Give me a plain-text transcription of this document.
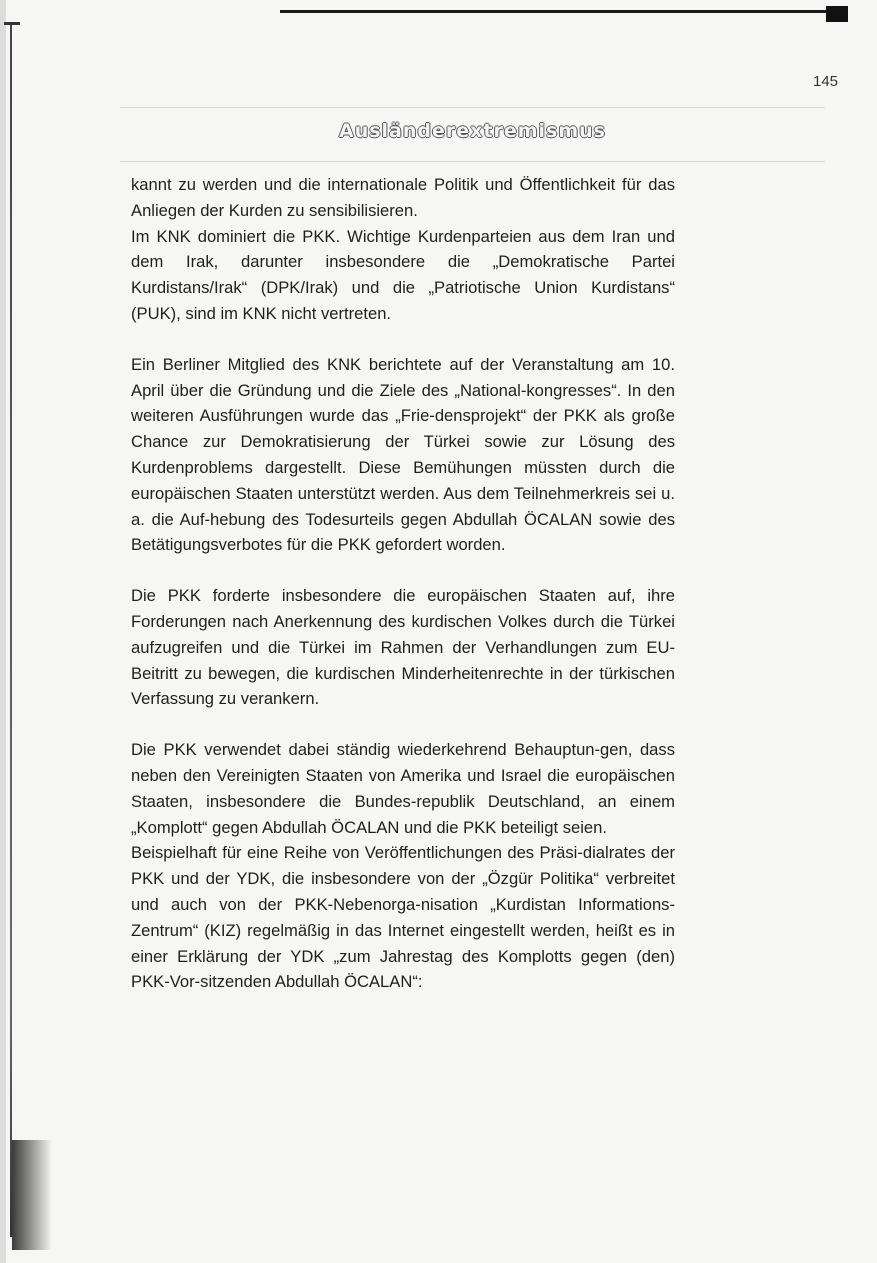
145
Ausländerextremismus

kannt zu werden und die internationale Politik und Öffentlichkeit für das Anliegen der Kurden zu sensibilisieren.

Im KNK dominiert die PKK. Wichtige Kurdenparteien aus dem Iran und dem Irak, darunter insbesondere die „Demokratische Partei Kurdistans/Irak“ (DPK/Irak) und die „Patriotische Union Kurdistans“ (PUK), sind im KNK nicht vertreten.

Ein Berliner Mitglied des KNK berichtete auf der Veranstaltung am 10. April über die Gründung und die Ziele des „National-kongresses“. In den weiteren Ausführungen wurde das „Frie-densprojekt“ der PKK als große Chance zur Demokratisierung der Türkei sowie zur Lösung des Kurdenproblems dargestellt. Diese Bemühungen müssten durch die europäischen Staaten unterstützt werden. Aus dem Teilnehmerkreis sei u. a. die Auf-hebung des Todesurteils gegen Abdullah ÖCALAN sowie des Betätigungsverbotes für die PKK gefordert worden.

Die PKK forderte insbesondere die europäischen Staaten auf, ihre Forderungen nach Anerkennung des kurdischen Volkes durch die Türkei aufzugreifen und die Türkei im Rahmen der Verhandlungen zum EU-Beitritt zu bewegen, die kurdischen Minderheitenrechte in der türkischen Verfassung zu verankern.

Die PKK verwendet dabei ständig wiederkehrend Behauptun-gen, dass neben den Vereinigten Staaten von Amerika und Israel die europäischen Staaten, insbesondere die Bundes-republik Deutschland, an einem „Komplott“ gegen Abdullah ÖCALAN und die PKK beteiligt seien.

Beispielhaft für eine Reihe von Veröffentlichungen des Präsi-dialrates der PKK und der YDK, die insbesondere von der „Özgür Politika“ verbreitet und auch von der PKK-Nebenorga-nisation „Kurdistan Informations-Zentrum“ (KIZ) regelmäßig in das Internet eingestellt werden, heißt es in einer Erklärung der YDK „zum Jahrestag des Komplotts gegen (den) PKK-Vor-sitzenden Abdullah ÖCALAN“:
